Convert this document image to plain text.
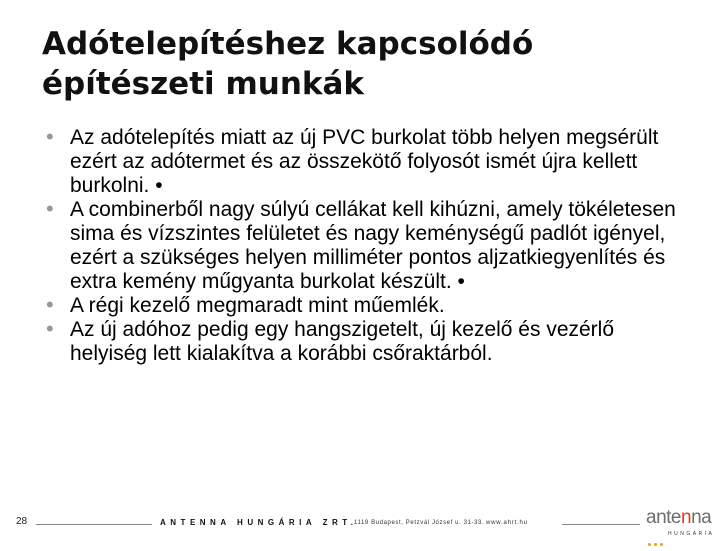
Adótelepítéshez kapcsolódó
építészeti munkák
• Az adótelepítés miatt az új PVC burkolat több helyen megsérült ezért az adótermet és az összekötő folyosót ismét újra kellett burkolni. •
• A combinerből nagy súlyú cellákat kell kihúzni, amely tökéletesen sima és vízszintes felületet és nagy keménységű padlót igényel, ezért a szükséges helyen milliméter pontos aljzatkiegyenlítés és extra kemény műgyanta burkolat készült. •
• A régi kezelő megmaradt mint műemlék.
• Az új adóhoz pedig egy hangszigetelt, új kezelő és vezérlő helyiség lett kialakítva a korábbi csőraktárból.
28	ANTENNA HUNGÁRIA ZRT.
1119 Budapest, Petzvál József u. 31-33. www.ahrt.hu	antenna
HUNGÁRIA
